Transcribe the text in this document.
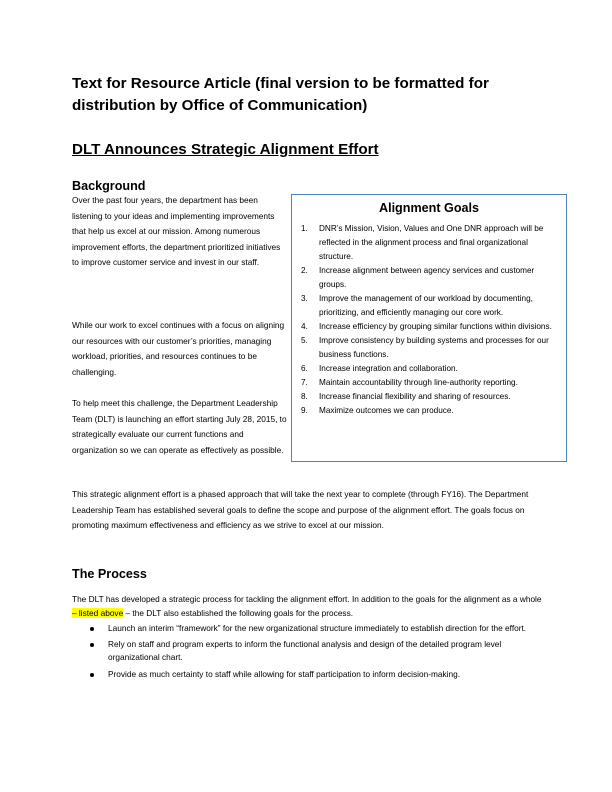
Text for Resource Article (final version to be formatted for distribution by Office of Communication)
DLT Announces Strategic Alignment Effort
Background

Over the past four years, the department has been listening to your ideas and implementing improvements that help us excel at our mission. Among numerous improvement efforts, the department prioritized initiatives to improve customer service and invest in our staff.

While our work to excel continues with a focus on aligning our resources with our customer’s priorities, managing workload, priorities, and resources continues to be challenging.

To help meet this challenge, the Department Leadership Team (DLT) is launching an effort starting July 28, 2015, to strategically evaluate our current functions and organization so we can operate as effectively as possible.

Alignment Goals
1. DNR’s Mission, Vision, Values and One DNR approach will be reflected in the alignment process and final organizational structure.
2. Increase alignment between agency services and customer groups.
3. Improve the management of our workload by documenting, prioritizing, and efficiently managing our core work.
4. Increase efficiency by grouping similar functions within divisions.
5. Improve consistency by building systems and processes for our business functions.
6. Increase integration and collaboration.
7. Maintain accountability through line-authority reporting.
8. Increase financial flexibility and sharing of resources.
9. Maximize outcomes we can produce.

This strategic alignment effort is a phased approach that will take the next year to complete (through FY16). The Department Leadership Team has established several goals to define the scope and purpose of the alignment effort. The goals focus on promoting maximum effectiveness and efficiency as we strive to excel at our mission.

The Process
The DLT has developed a strategic process for tackling the alignment effort. In addition to the goals for the alignment as a whole – listed above – the DLT also established the following goals for the process.
Launch an interim “framework” for the new organizational structure immediately to establish direction for the effort.
Rely on staff and program experts to inform the functional analysis and design of the detailed program level organizational chart.
Provide as much certainty to staff while allowing for staff participation to inform decision-making.
